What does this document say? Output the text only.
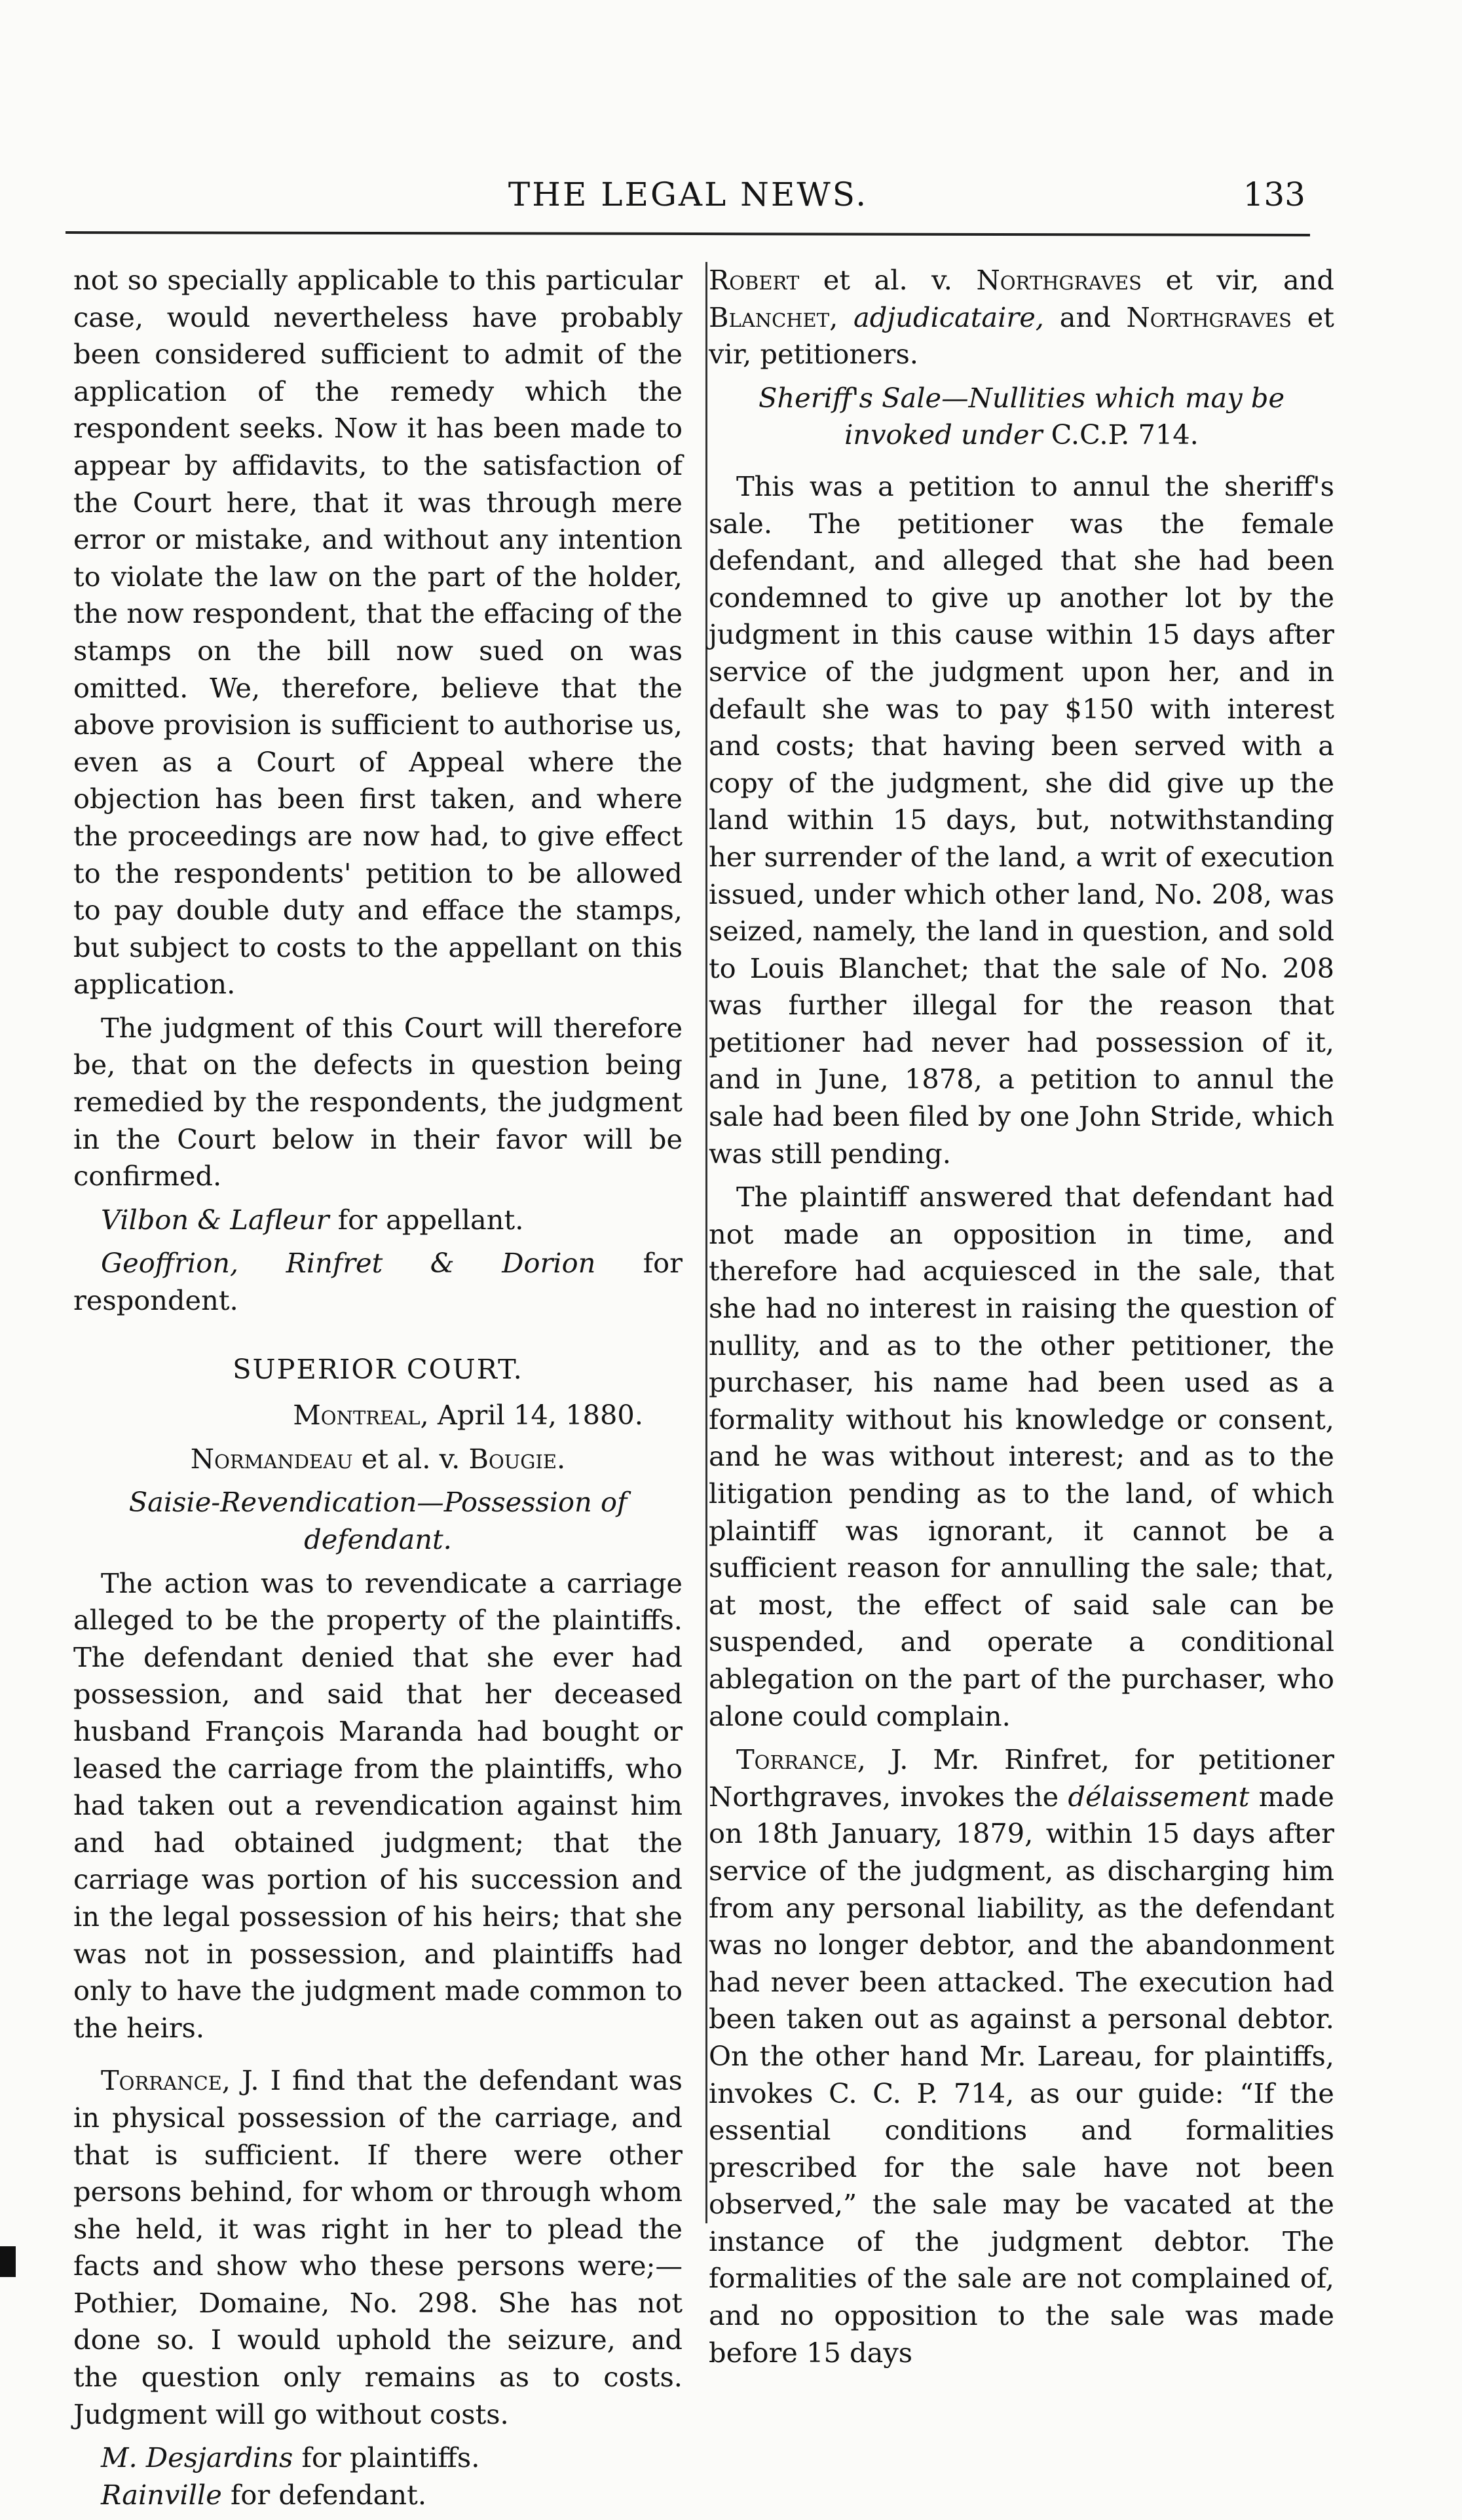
THE LEGAL NEWS.	133

not so specially applicable to this particular case, would nevertheless have probably been considered sufficient to admit of the application of the remedy which the respondent seeks. Now it has been made to appear by affidavits, to the satisfaction of the Court here, that it was through mere error or mistake, and without any intention to violate the law on the part of the holder, the now respondent, that the effacing of the stamps on the bill now sued on was omitted. We, therefore, believe that the above provision is sufficient to authorise us, even as a Court of Appeal where the objection has been first taken, and where the proceedings are now had, to give effect to the respondents' petition to be allowed to pay double duty and efface the stamps, but subject to costs to the appellant on this application.

The judgment of this Court will therefore be, that on the defects in question being remedied by the respondents, the judgment in the Court below in their favor will be confirmed.

Vilbon & Lafleur for appellant.

Geoffrion, Rinfret & Dorion for respondent.

SUPERIOR COURT.

Montreal, April 14, 1880.

Normandeau et al. v. Bougie.

Saisie-Revendication—Possession of defendant.

The action was to revendicate a carriage alleged to be the property of the plaintiffs. The defendant denied that she ever had possession, and said that her deceased husband François Maranda had bought or leased the carriage from the plaintiffs, who had taken out a revendication against him and had obtained judgment; that the carriage was portion of his succession and in the legal possession of his heirs; that she was not in possession, and plaintiffs had only to have the judgment made common to the heirs.

Torrance, J. I find that the defendant was in physical possession of the carriage, and that is sufficient. If there were other persons behind, for whom or through whom she held, it was right in her to plead the facts and show who these persons were;—Pothier, Domaine, No. 298. She has not done so. I would uphold the seizure, and the question only remains as to costs. Judgment will go without costs.

M. Desjardins for plaintiffs.

Rainville for defendant.

Robert et al. v. Northgraves et vir, and Blanchet, adjudicataire, and Northgraves et vir, petitioners.

Sheriff's Sale—Nullities which may be invoked under C.C.P. 714.

This was a petition to annul the sheriff's sale. The petitioner was the female defendant, and alleged that she had been condemned to give up another lot by the judgment in this cause within 15 days after service of the judgment upon her, and in default she was to pay $150 with interest and costs; that having been served with a copy of the judgment, she did give up the land within 15 days, but, notwithstanding her surrender of the land, a writ of execution issued, under which other land, No. 208, was seized, namely, the land in question, and sold to Louis Blanchet; that the sale of No. 208 was further illegal for the reason that petitioner had never had possession of it, and in June, 1878, a petition to annul the sale had been filed by one John Stride, which was still pending.

The plaintiff answered that defendant had not made an opposition in time, and therefore had acquiesced in the sale, that she had no interest in raising the question of nullity, and as to the other petitioner, the purchaser, his name had been used as a formality without his knowledge or consent, and he was without interest; and as to the litigation pending as to the land, of which plaintiff was ignorant, it cannot be a sufficient reason for annulling the sale; that, at most, the effect of said sale can be suspended, and operate a conditional ablegation on the part of the purchaser, who alone could complain.

Torrance, J. Mr. Rinfret, for petitioner Northgraves, invokes the délaissement made on 18th January, 1879, within 15 days after service of the judgment, as discharging him from any personal liability, as the defendant was no longer debtor, and the abandonment had never been attacked. The execution had been taken out as against a personal debtor. On the other hand Mr. Lareau, for plaintiffs, invokes C. C. P. 714, as our guide: “If the essential conditions and formalities prescribed for the sale have not been observed,” the sale may be vacated at the instance of the judgment debtor. The formalities of the sale are not complained of, and no opposition to the sale was made before 15 days
